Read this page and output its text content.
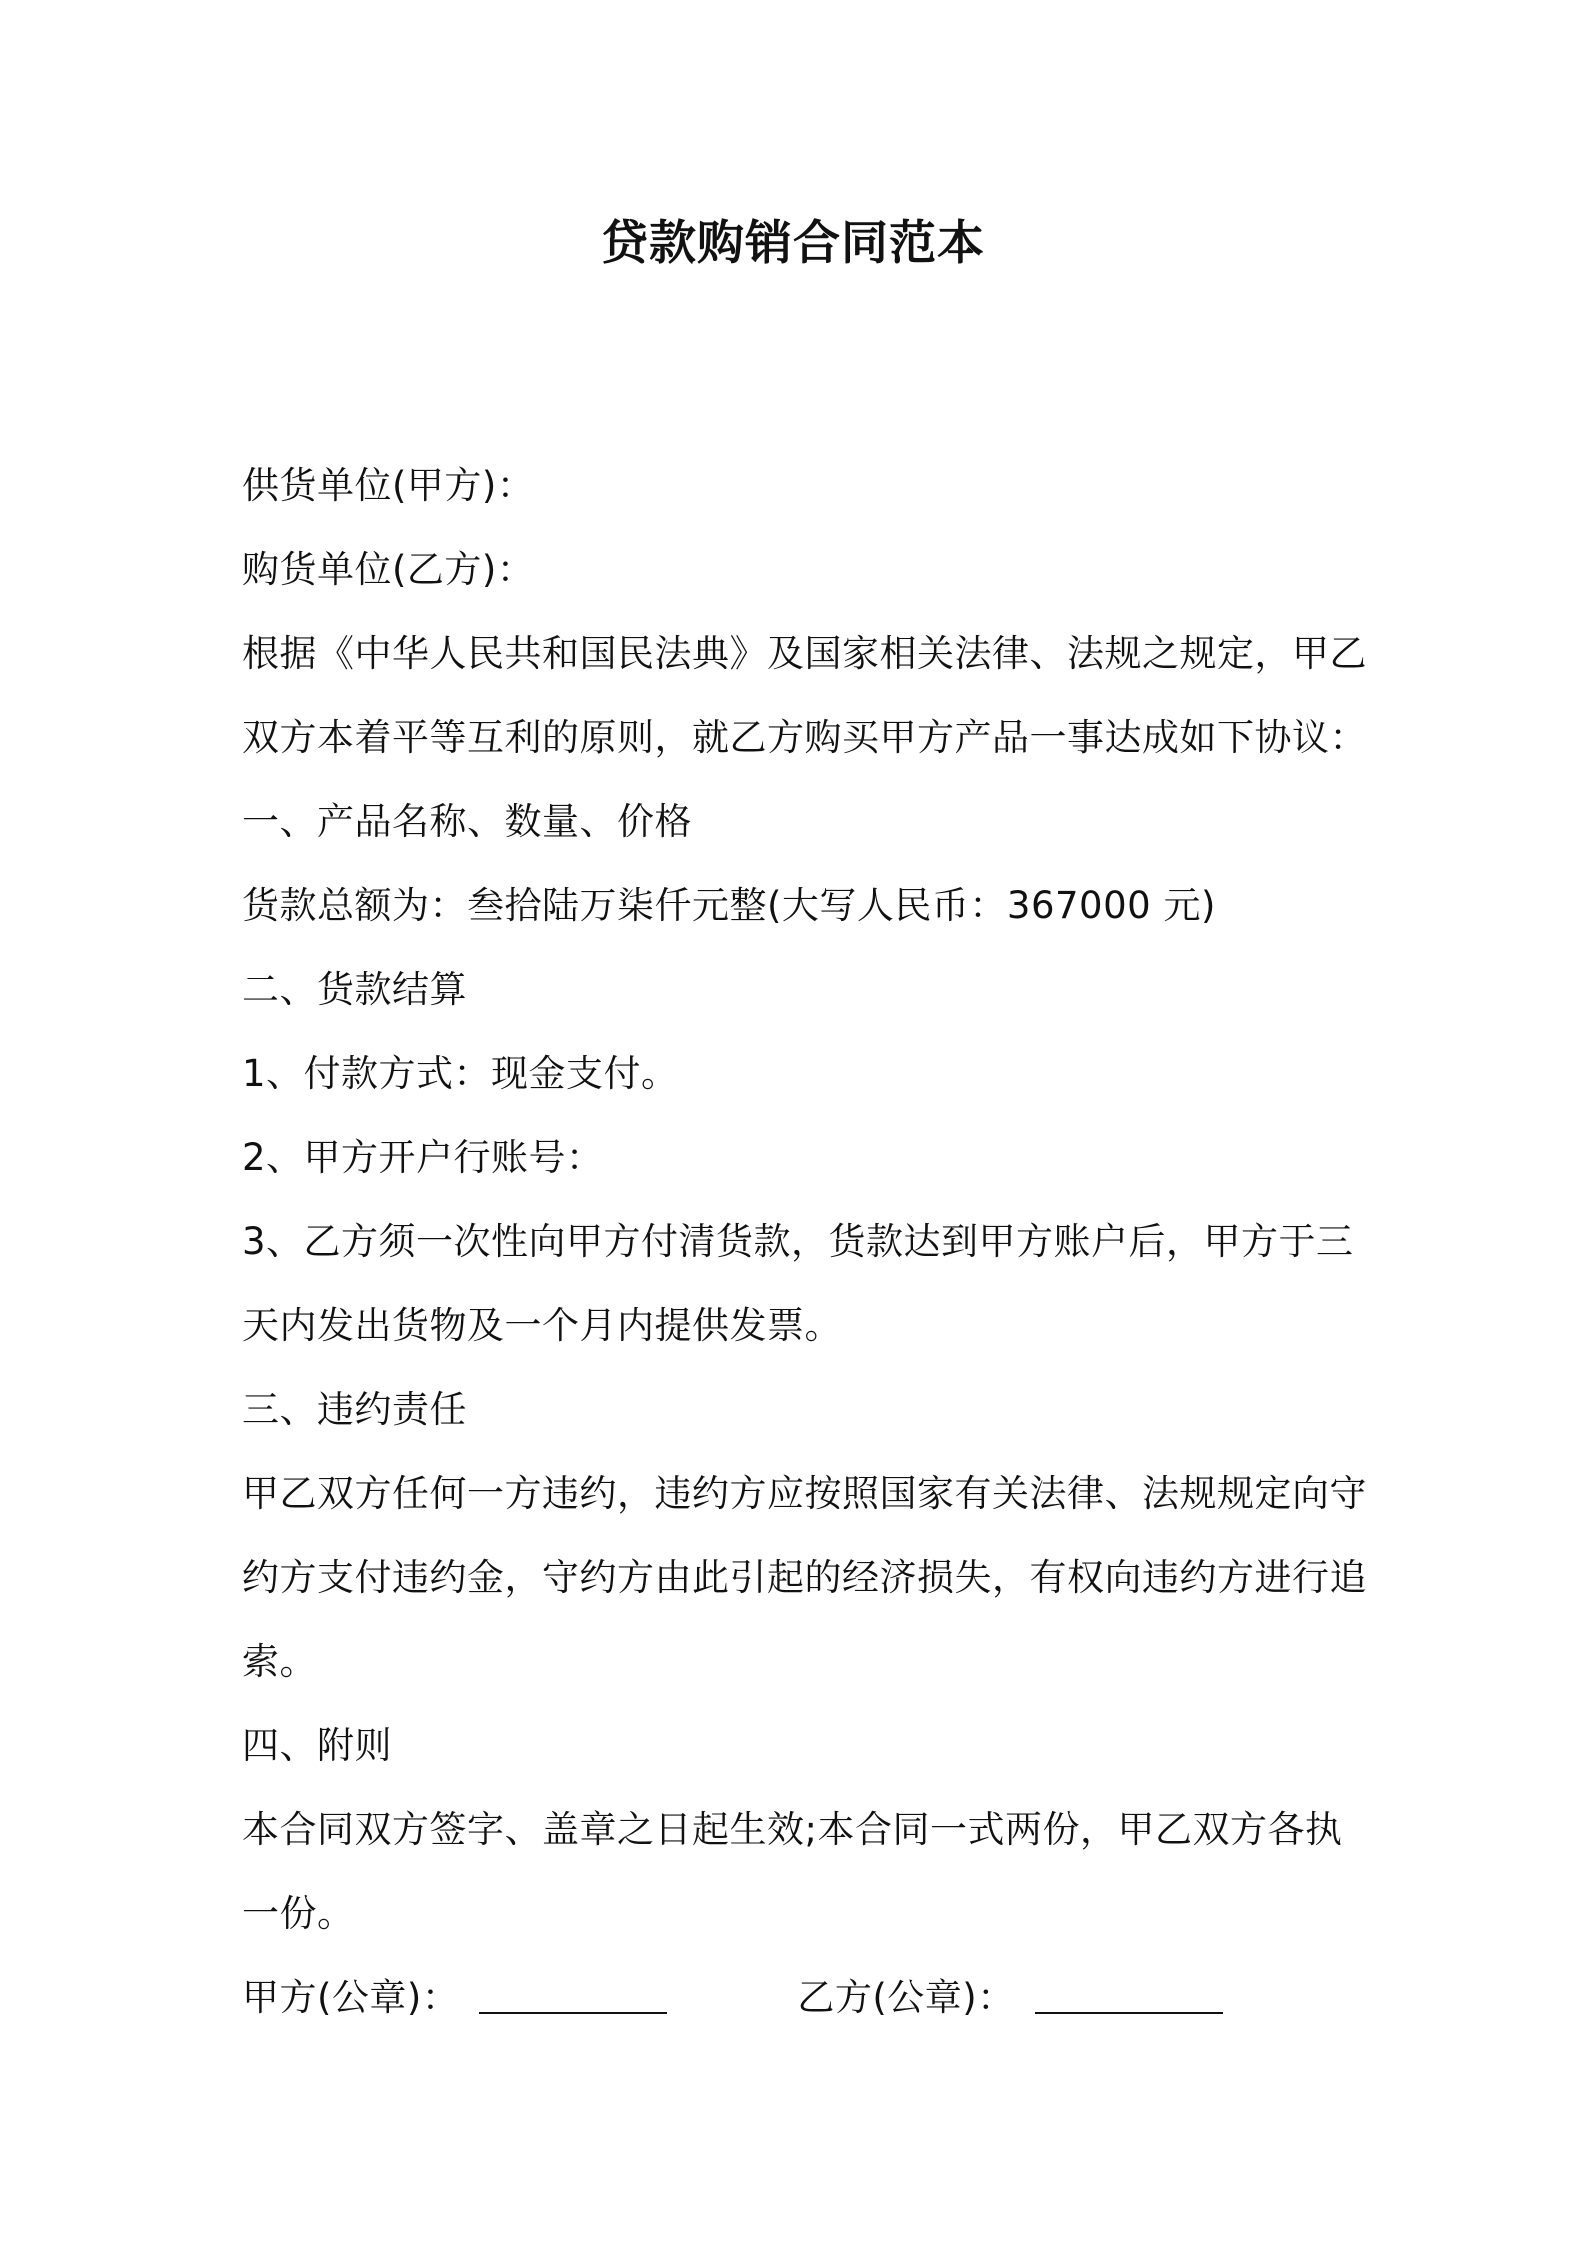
贷款购销合同范本

供货单位(甲方)：

购货单位(乙方)：

根据《中华人民共和国民法典》及国家相关法律、法规之规定，甲乙

双方本着平等互利的原则，就乙方购买甲方产品一事达成如下协议：

一、产品名称、数量、价格

货款总额为：叁拾陆万柒仟元整(大写人民币：367000 元)

二、货款结算

1、付款方式：现金支付。

2、甲方开户行账号：

3、乙方须一次性向甲方付清货款，货款达到甲方账户后，甲方于三

天内发出货物及一个月内提供发票。

三、违约责任

甲乙双方任何一方违约，违约方应按照国家有关法律、法规规定向守

约方支付违约金，守约方由此引起的经济损失，有权向违约方进行追

索。

四、附则

本合同双方签字、盖章之日起生效;本合同一式两份，甲乙双方各执

一份。

甲方(公章)：	乙方(公章)：
